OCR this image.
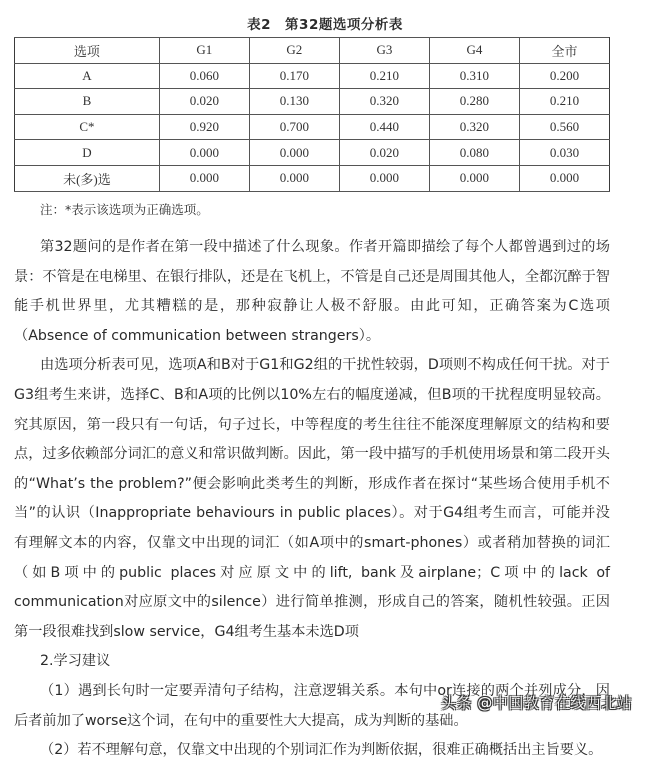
表2　第32题选项分析表
选项	G1	G2	G3	G4	全市
A	0.060	0.170	0.210	0.310	0.200
B	0.020	0.130	0.320	0.280	0.210
C*	0.920	0.700	0.440	0.320	0.560
D	0.000	0.000	0.020	0.080	0.030
未(多)选	0.000	0.000	0.000	0.000	0.000
注：*表示该选项为正确选项。

第32题问的是作者在第一段中描述了什么现象。作者开篇即描绘了每个人都曾遇到过的场景：不管是在电梯里、在银行排队，还是在飞机上，不管是自己还是周围其他人，全都沉醉于智能手机世界里，尤其糟糕的是，那种寂静让人极不舒服。由此可知，正确答案为C选项（Absence of communication between strangers）。

由选项分析表可见，选项A和B对于G1和G2组的干扰性较弱，D项则不构成任何干扰。对于G3组考生来讲，选择C、B和A项的比例以10%左右的幅度递减，但B项的干扰程度明显较高。究其原因，第一段只有一句话，句子过长，中等程度的考生往往不能深度理解原文的结构和要点，过多依赖部分词汇的意义和常识做判断。因此，第一段中描写的手机使用场景和第二段开头的“What’s the problem?”便会影响此类考生的判断，形成作者在探讨“某些场合使用手机不当”的认识（Inappropriate behaviours in public places）。对于G4组考生而言，可能并没有理解文本的内容，仅靠文中出现的词汇（如A项中的smart-phones）或者稍加替换的词汇（如B项中的public places对应原文中的lift, bank及airplane；C项中的lack of communication对应原文中的silence）进行简单推测，形成自己的答案，随机性较强。正因第一段很难找到slow service，G4组考生基本未选D项

2.学习建议

（1）遇到长句时一定要弄清句子结构，注意逻辑关系。本句中or连接的两个并列成分，因后者前加了worse这个词，在句中的重要性大大提高，成为判断的基础。

（2）若不理解句意，仅靠文中出现的个别词汇作为判断依据，很难正确概括出主旨要义。

头条 @中国教育在线西北站
